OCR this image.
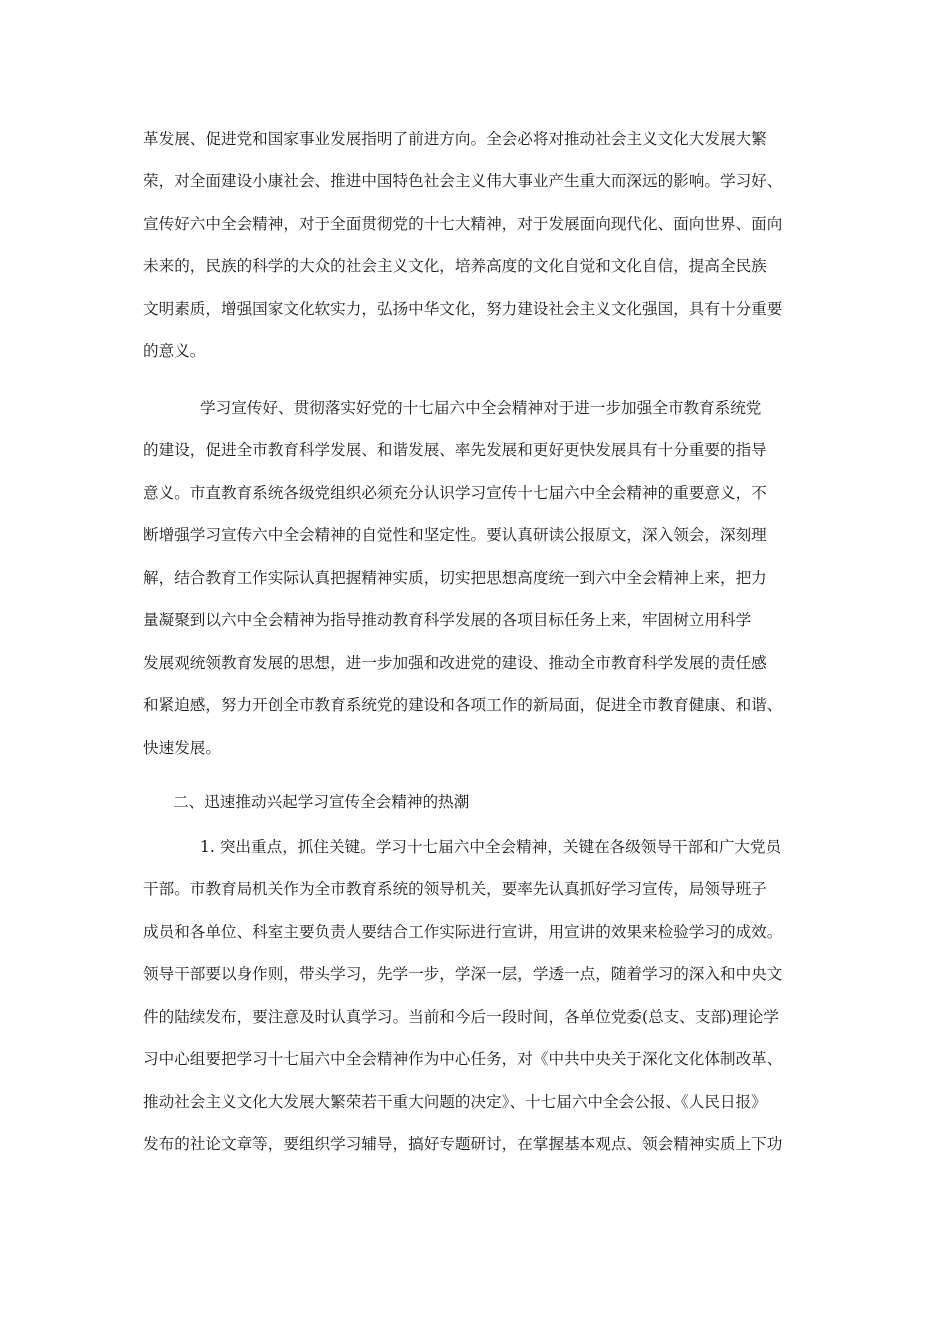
革发展、促进党和国家事业发展指明了前进方向。全会必将对推动社会主义文化大发展大繁
荣，对全面建设小康社会、推进中国特色社会主义伟大事业产生重大而深远的影响。学习好、
宣传好六中全会精神，对于全面贯彻党的十七大精神，对于发展面向现代化、面向世界、面向
未来的，民族的科学的大众的社会主义文化，培养高度的文化自觉和文化自信，提高全民族
文明素质，增强国家文化软实力，弘扬中华文化，努力建设社会主义文化强国，具有十分重要
的意义。
学习宣传好、贯彻落实好党的十七届六中全会精神对于进一步加强全市教育系统党
的建设，促进全市教育科学发展、和谐发展、率先发展和更好更快发展具有十分重要的指导
意义。市直教育系统各级党组织必须充分认识学习宣传十七届六中全会精神的重要意义，不
断增强学习宣传六中全会精神的自觉性和坚定性。要认真研读公报原文，深入领会，深刻理
解，结合教育工作实际认真把握精神实质，切实把思想高度统一到六中全会精神上来，把力
量凝聚到以六中全会精神为指导推动教育科学发展的各项目标任务上来，牢固树立用科学
发展观统领教育发展的思想，进一步加强和改进党的建设、推动全市教育科学发展的责任感
和紧迫感，努力开创全市教育系统党的建设和各项工作的新局面，促进全市教育健康、和谐、
快速发展。
二、迅速推动兴起学习宣传全会精神的热潮
1. 突出重点，抓住关键。学习十七届六中全会精神，关键在各级领导干部和广大党员
干部。市教育局机关作为全市教育系统的领导机关，要率先认真抓好学习宣传，局领导班子
成员和各单位、科室主要负责人要结合工作实际进行宣讲，用宣讲的效果来检验学习的成效。
领导干部要以身作则，带头学习，先学一步，学深一层，学透一点，随着学习的深入和中央文
件的陆续发布，要注意及时认真学习。当前和今后一段时间，各单位党委(总支、支部)理论学
习中心组要把学习十七届六中全会精神作为中心任务，对《中共中央关于深化文化体制改革、
推动社会主义文化大发展大繁荣若干重大问题的决定》、十七届六中全会公报、《人民日报》
发布的社论文章等，要组织学习辅导，搞好专题研讨，在掌握基本观点、领会精神实质上下功
